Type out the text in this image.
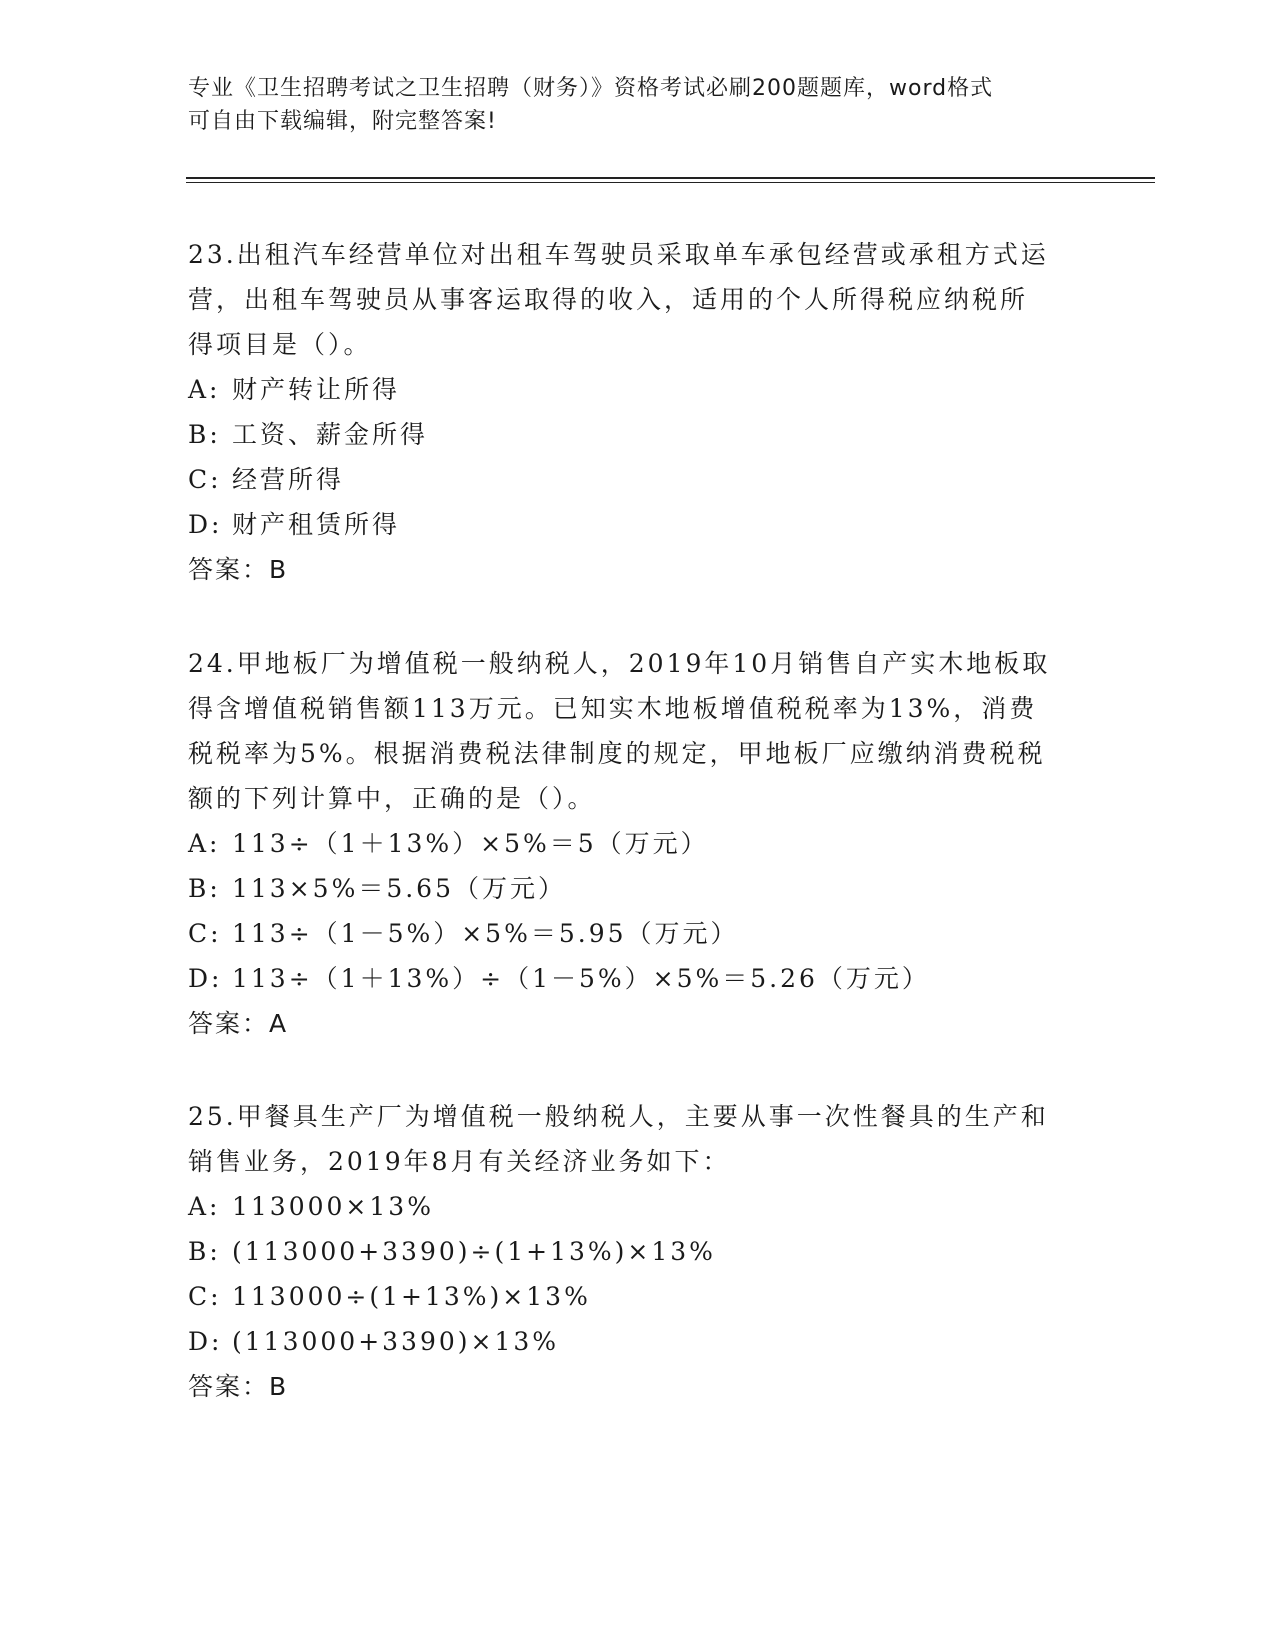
专业《卫生招聘考试之卫生招聘（财务）》资格考试必刷200题题库，word格式
可自由下载编辑，附完整答案!

23.出租汽车经营单位对出租车驾驶员采取单车承包经营或承租方式运

营，出租车驾驶员从事客运取得的收入，适用的个人所得税应纳税所

得项目是（）。

A: 财产转让所得

B: 工资、薪金所得

C: 经营所得

D: 财产租赁所得

答案：B

24.甲地板厂为增值税一般纳税人，2019年10月销售自产实木地板取

得含增值税销售额113万元。已知实木地板增值税税率为13%，消费

税税率为5%。根据消费税法律制度的规定，甲地板厂应缴纳消费税税

额的下列计算中，正确的是（）。

A: 113÷（1＋13%）×5%＝5（万元）

B: 113×5%＝5.65（万元）

C: 113÷（1－5%）×5%＝5.95（万元）

D: 113÷（1＋13%）÷（1－5%）×5%＝5.26（万元）

答案：A

25.甲餐具生产厂为增值税一般纳税人，主要从事一次性餐具的生产和

销售业务，2019年8月有关经济业务如下：

A: 113000×13%

B: (113000+3390)÷(1+13%)×13%

C: 113000÷(1+13%)×13%

D: (113000+3390)×13%

答案：B
